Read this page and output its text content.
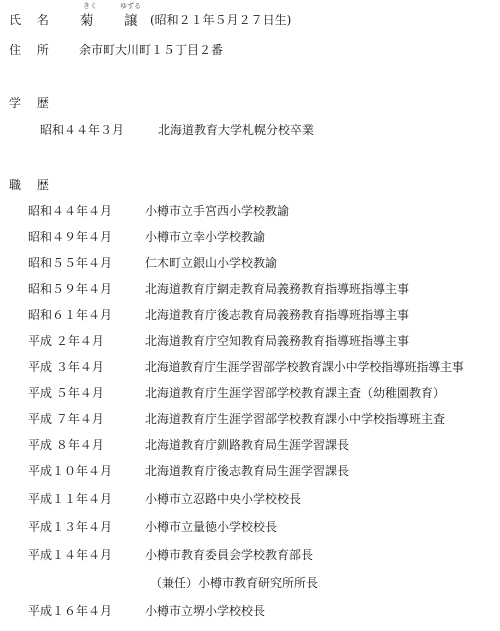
氏 名
きく
菊
ゆずる
譲 (昭和２１年５月２７日生)
住 所 余市町大川町１５丁目２番
学 歴
昭和４４年３月	北海道教育大学札幌分校卒業
職 歴
昭和４４年４月	小樽市立手宮西小学校教諭
昭和４９年４月	小樽市立幸小学校教諭
昭和５５年４月	仁木町立銀山小学校教諭
昭和５９年４月	北海道教育庁網走教育局義務教育指導班指導主事
昭和６１年４月	北海道教育庁後志教育局義務教育指導班指導主事
平成 ２年４月	北海道教育庁空知教育局義務教育指導班指導主事
平成 ３年４月	北海道教育庁生涯学習部学校教育課小中学校指導班指導主事
平成 ５年４月	北海道教育庁生涯学習部学校教育課主査（幼稚園教育）
平成 ７年４月	北海道教育庁生涯学習部学校教育課小中学校指導班主査
平成 ８年４月	北海道教育庁釧路教育局生涯学習課長
平成１０年４月	北海道教育庁後志教育局生涯学習課長
平成１１年４月	小樽市立忍路中央小学校校長
平成１３年４月	小樽市立量徳小学校校長
平成１４年４月	小樽市教育委員会学校教育部長
（兼任）小樽市教育研究所所長
平成１６年４月	小樽市立堺小学校校長
